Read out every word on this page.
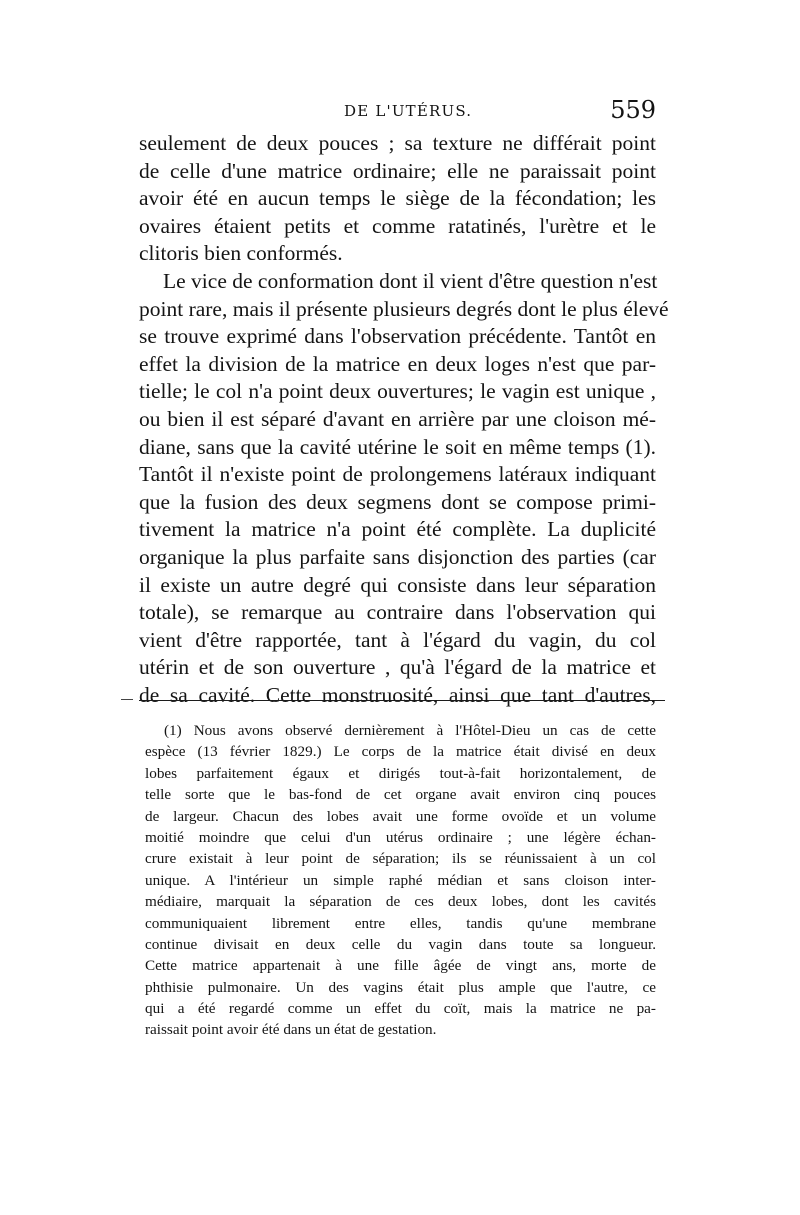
DE L'UTÉRUS.	559
seulement de deux pouces ; sa texture ne différait point
de celle d'une matrice ordinaire; elle ne paraissait point
avoir été en aucun temps le siège de la fécondation; les
ovaires étaient petits et comme ratatinés, l'urètre et le
clitoris bien conformés.
Le vice de conformation dont il vient d'être question n'est
point rare, mais il présente plusieurs degrés dont le plus élevé
se trouve exprimé dans l'observation précédente. Tantôt en
effet la division de la matrice en deux loges n'est que par-
tielle; le col n'a point deux ouvertures; le vagin est unique ,
ou bien il est séparé d'avant en arrière par une cloison mé-
diane, sans que la cavité utérine le soit en même temps (1).
Tantôt il n'existe point de prolongemens latéraux indiquant
que la fusion des deux segmens dont se compose primi-
tivement la matrice n'a point été complète. La duplicité
organique la plus parfaite sans disjonction des parties (car
il existe un autre degré qui consiste dans leur séparation
totale), se remarque au contraire dans l'observation qui
vient d'être rapportée, tant à l'égard du vagin, du col
utérin et de son ouverture , qu'à l'égard de la matrice et
de sa cavité. Cette monstruosité, ainsi que tant d'autres,
(1) Nous avons observé dernièrement à l'Hôtel-Dieu un cas de cette
espèce (13 février 1829.) Le corps de la matrice était divisé en deux
lobes parfaitement égaux et dirigés tout-à-fait horizontalement, de
telle sorte que le bas-fond de cet organe avait environ cinq pouces
de largeur. Chacun des lobes avait une forme ovoïde et un volume
moitié moindre que celui d'un utérus ordinaire ; une légère échan-
crure existait à leur point de séparation; ils se réunissaient à un col
unique. A l'intérieur un simple raphé médian et sans cloison inter-
médiaire, marquait la séparation de ces deux lobes, dont les cavités
communiquaient librement entre elles, tandis qu'une membrane
continue divisait en deux celle du vagin dans toute sa longueur.
Cette matrice appartenait à une fille âgée de vingt ans, morte de
phthisie pulmonaire. Un des vagins était plus ample que l'autre, ce
qui a été regardé comme un effet du coït, mais la matrice ne pa-
raissait point avoir été dans un état de gestation.
